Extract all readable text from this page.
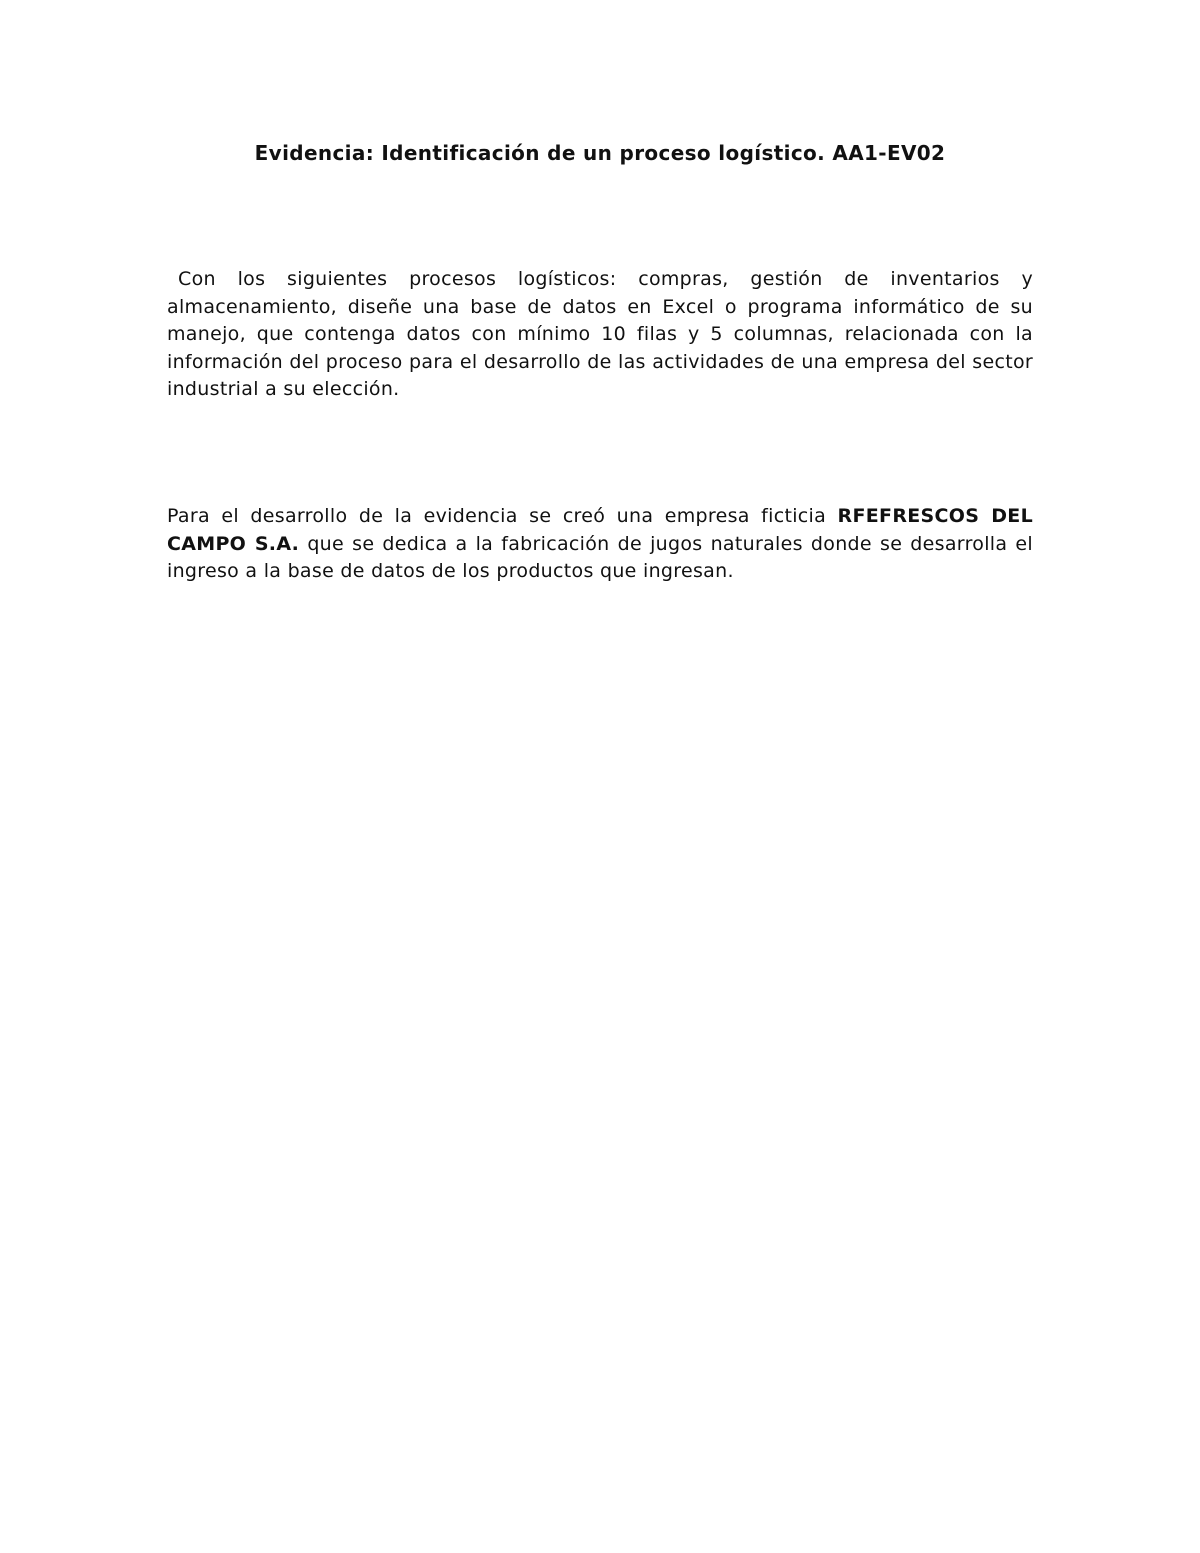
Evidencia: Identificación de un proceso logístico. AA1-EV02

Con los siguientes procesos logísticos: compras, gestión de inventarios y almacenamiento, diseñe una base de datos en Excel o programa informático de su manejo, que contenga datos con mínimo 10 filas y 5 columnas, relacionada con la información del proceso para el desarrollo de las actividades de una empresa del sector industrial a su elección.

Para el desarrollo de la evidencia se creó una empresa ficticia RFEFRESCOS DEL CAMPO S.A. que se dedica a la fabricación de jugos naturales donde se desarrolla el ingreso a la base de datos de los productos que ingresan.
